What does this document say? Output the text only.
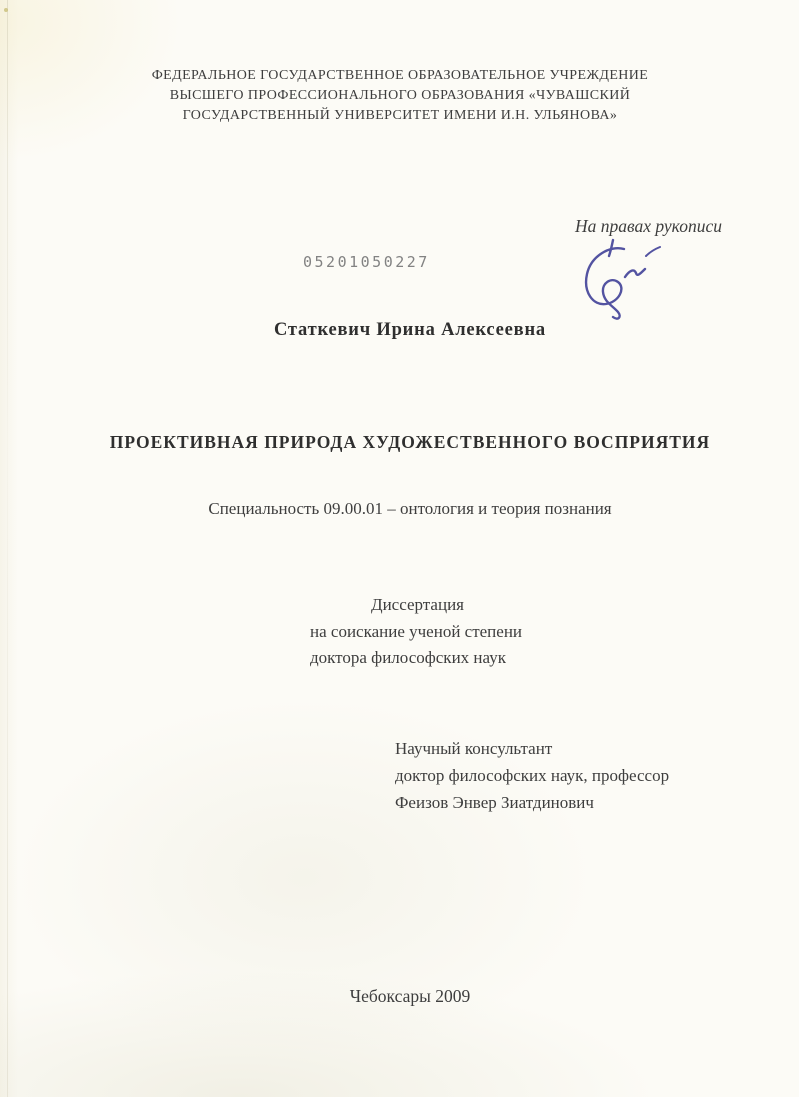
ФЕДЕРАЛЬНОЕ ГОСУДАРСТВЕННОЕ ОБРАЗОВАТЕЛЬНОЕ УЧРЕЖДЕНИЕ
ВЫСШЕГО ПРОФЕССИОНАЛЬНОГО ОБРАЗОВАНИЯ «ЧУВАШСКИЙ
ГОСУДАРСТВЕННЫЙ УНИВЕРСИТЕТ ИМЕНИ И.Н. УЛЬЯНОВА»
На правах рукописи
05201050227
Статкевич Ирина Алексеевна
ПРОЕКТИВНАЯ ПРИРОДА ХУДОЖЕСТВЕННОГО ВОСПРИЯТИЯ
Специальность 09.00.01 – онтология и теория познания
Диссертация
на соискание ученой степени
доктора философских наук
Научный консультант
доктор философских наук, профессор
Феизов Энвер Зиатдинович
Чебоксары 2009
